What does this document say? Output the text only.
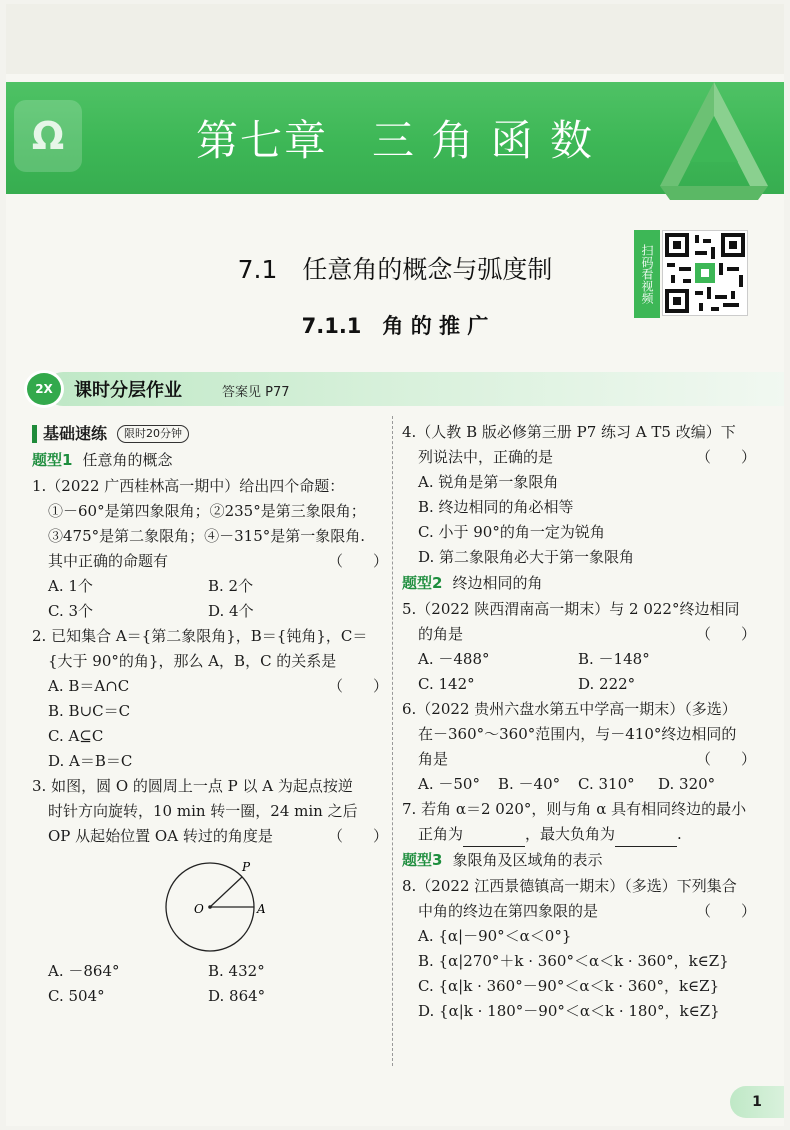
Ω	第七章　三 角 函 数
7.1　任意角的概念与弧度制
7.1.1　角 的 推 广
扫码看视频
2X	课时分层作业	答案见 P77
基础速练	限时20分钟
题型1 任意角的概念
1.（2022 广西桂林高一期中）给出四个命题：
①－60°是第四象限角；②235°是第三象限角；
③475°是第二象限角；④－315°是第一象限角.
其中正确的命题有	（　　）
A. 1个	B. 2个
C. 3个	D. 4个
2. 已知集合 A＝{第二象限角}，B＝{钝角}，C＝
{大于 90°的角}，那么 A，B，C 的关系是
（　　）
A. B＝A∩C
B. B∪C＝C
C. A⊆C
D. A＝B＝C
3. 如图，圆 O 的圆周上一点 P 以 A 为起点按逆
时针方向旋转，10 min 转一圈，24 min 之后
OP 从起始位置 OA 转过的角度是	（　　）
O	A
P
A. －864°	B. 432°
C. 504°	D. 864°
4.（人教 B 版必修第三册 P7 练习 A T5 改编）下
列说法中，正确的是	（　　）
A. 锐角是第一象限角
B. 终边相同的角必相等
C. 小于 90°的角一定为锐角
D. 第二象限角必大于第一象限角
题型2 终边相同的角
5.（2022 陕西渭南高一期末）与 2 022°终边相同
的角是	（　　）
A. －488°	B. －148°
C. 142°	D. 222°
6.（2022 贵州六盘水第五中学高一期末）（多选）
在－360°～360°范围内，与－410°终边相同的
角是	（　　）
A. －50°	B. －40°	C. 310°	D. 320°
7. 若角 α＝2 020°，则与角 α 具有相同终边的最小
正角为	，最大负角为	.
题型3 象限角及区域角的表示
8.（2022 江西景德镇高一期末）（多选）下列集合
中角的终边在第四象限的是	（　　）
A. {α|－90°＜α＜0°}
B. {α|270°＋k · 360°＜α＜k · 360°，k∈Z}
C. {α|k · 360°－90°＜α＜k · 360°，k∈Z}
D. {α|k · 180°－90°＜α＜k · 180°，k∈Z}
1
